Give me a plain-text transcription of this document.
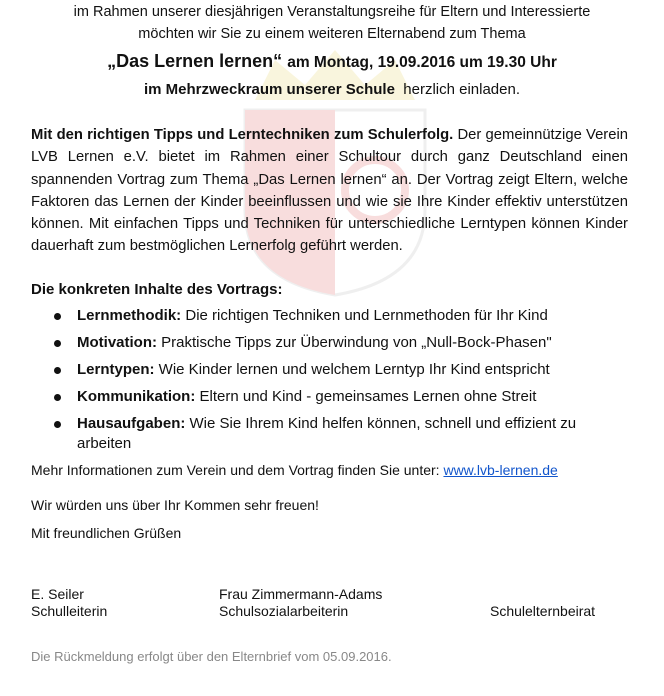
im Rahmen unserer diesjährigen Veranstaltungsreihe für Eltern und Interessierte
möchten wir Sie zu einem weiteren Elternabend zum Thema
„Das Lernen lernen“ am Montag, 19.09.2016 um 19.30 Uhr
im Mehrzweckraum unserer Schule herzlich einladen.
Mit den richtigen Tipps und Lerntechniken zum Schulerfolg. Der gemeinnützige Verein LVB Lernen e.V. bietet im Rahmen einer Schultour durch ganz Deutschland einen spannenden Vortrag zum Thema „Das Lernen lernen“ an. Der Vortrag zeigt Eltern, welche Faktoren das Lernen der Kinder beeinflussen und wie sie Ihre Kinder effektiv unterstützen können. Mit einfachen Tipps und Techniken für unterschiedliche Lerntypen können Kinder dauerhaft zum bestmöglichen Lernerfolg geführt werden.
Die konkreten Inhalte des Vortrags:
Lernmethodik: Die richtigen Techniken und Lernmethoden für Ihr Kind
Motivation: Praktische Tipps zur Überwindung von „Null-Bock-Phasen"
Lerntypen: Wie Kinder lernen und welchem Lerntyp Ihr Kind entspricht
Kommunikation: Eltern und Kind - gemeinsames Lernen ohne Streit
Hausaufgaben: Wie Sie Ihrem Kind helfen können, schnell und effizient zu arbeiten
Mehr Informationen zum Verein und dem Vortrag finden Sie unter: www.lvb-lernen.de
Wir würden uns über Ihr Kommen sehr freuen!
Mit freundlichen Grüßen
E. Seiler
Schulleiterin
Frau Zimmermann-Adams
Schulsozialarbeiterin	Schulelternbeirat
Die Rückmeldung erfolgt über den Elternbrief vom 05.09.2016.
